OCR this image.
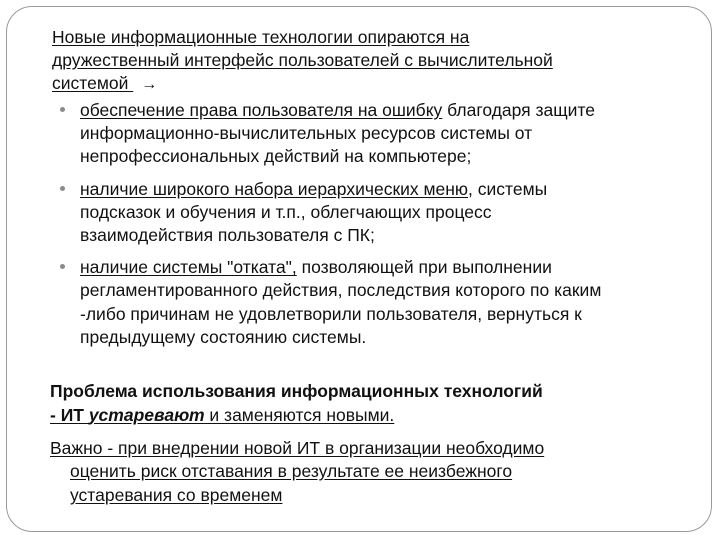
Новые информационные технологии опираются на
дружественный интерфейс пользователей с вычислительной
системой →
обеспечение права пользователя на ошибку благодаря защите
информационно-вычислительных ресурсов системы от
непрофессиональных действий на компьютере;
наличие широкого набора иерархических меню, системы
подсказок и обучения и т.п., облегчающих процесс
взаимодействия пользователя с ПК;
наличие системы "отката", позволяющей при выполнении
регламентированного действия, последствия которого по каким
-либо причинам не удовлетворили пользователя, вернуться к
предыдущему состоянию системы.
Проблема использования информационных технологий
- ИТ устаревают и заменяются новыми.
Важно - при внедрении новой ИТ в организации необходимо
оценить риск отставания в результате ее неизбежного
устаревания со временем
